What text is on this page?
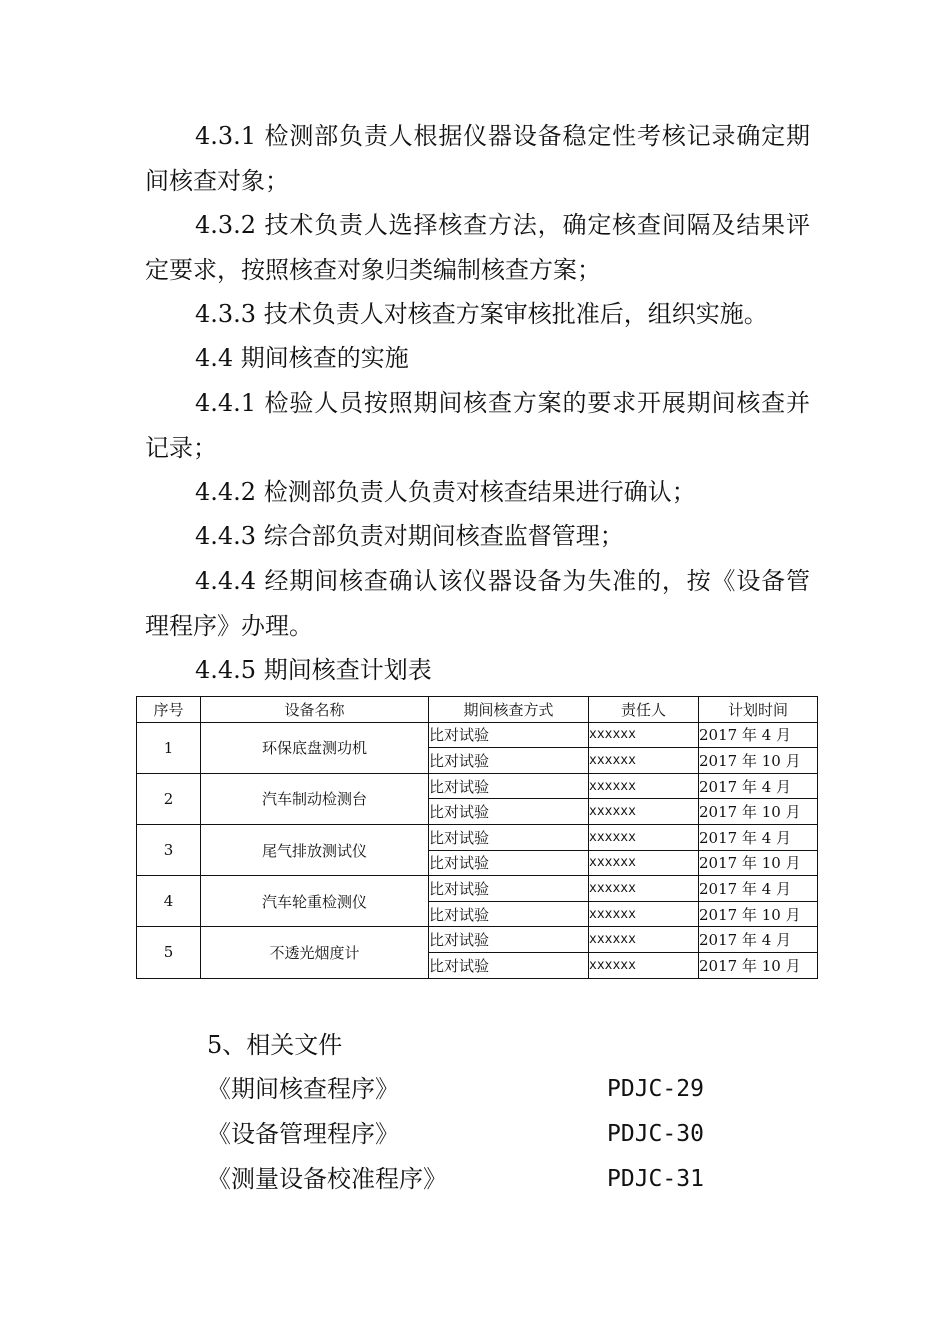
4.3.1 检测部负责人根据仪器设备稳定性考核记录确定期间核查对象；

4.3.2 技术负责人选择核查方法，确定核查间隔及结果评定要求，按照核查对象归类编制核查方案；

4.3.3 技术负责人对核查方案审核批准后，组织实施。

4.4 期间核查的实施

4.4.1 检验人员按照期间核查方案的要求开展期间核查并记录；

4.4.2 检测部负责人负责对核查结果进行确认；

4.4.3 综合部负责对期间核查监督管理；

4.4.4 经期间核查确认该仪器设备为失准的，按《设备管理程序》办理。

4.4.5 期间核查计划表

序号	设备名称	期间核查方式	责任人	计划时间
1	环保底盘测功机	比对试验	xxxxxx	2017 年 4 月
		比对试验	xxxxxx	2017 年 10 月
2	汽车制动检测台	比对试验	xxxxxx	2017 年 4 月
		比对试验	xxxxxx	2017 年 10 月
3	尾气排放测试仪	比对试验	xxxxxx	2017 年 4 月
		比对试验	xxxxxx	2017 年 10 月
4	汽车轮重检测仪	比对试验	xxxxxx	2017 年 4 月
		比对试验	xxxxxx	2017 年 10 月
5	不透光烟度计	比对试验	xxxxxx	2017 年 4 月
		比对试验	xxxxxx	2017 年 10 月

5、相关文件

《期间核查程序》	PDJC-29
《设备管理程序》	PDJC-30
《测量设备校准程序》	PDJC-31
